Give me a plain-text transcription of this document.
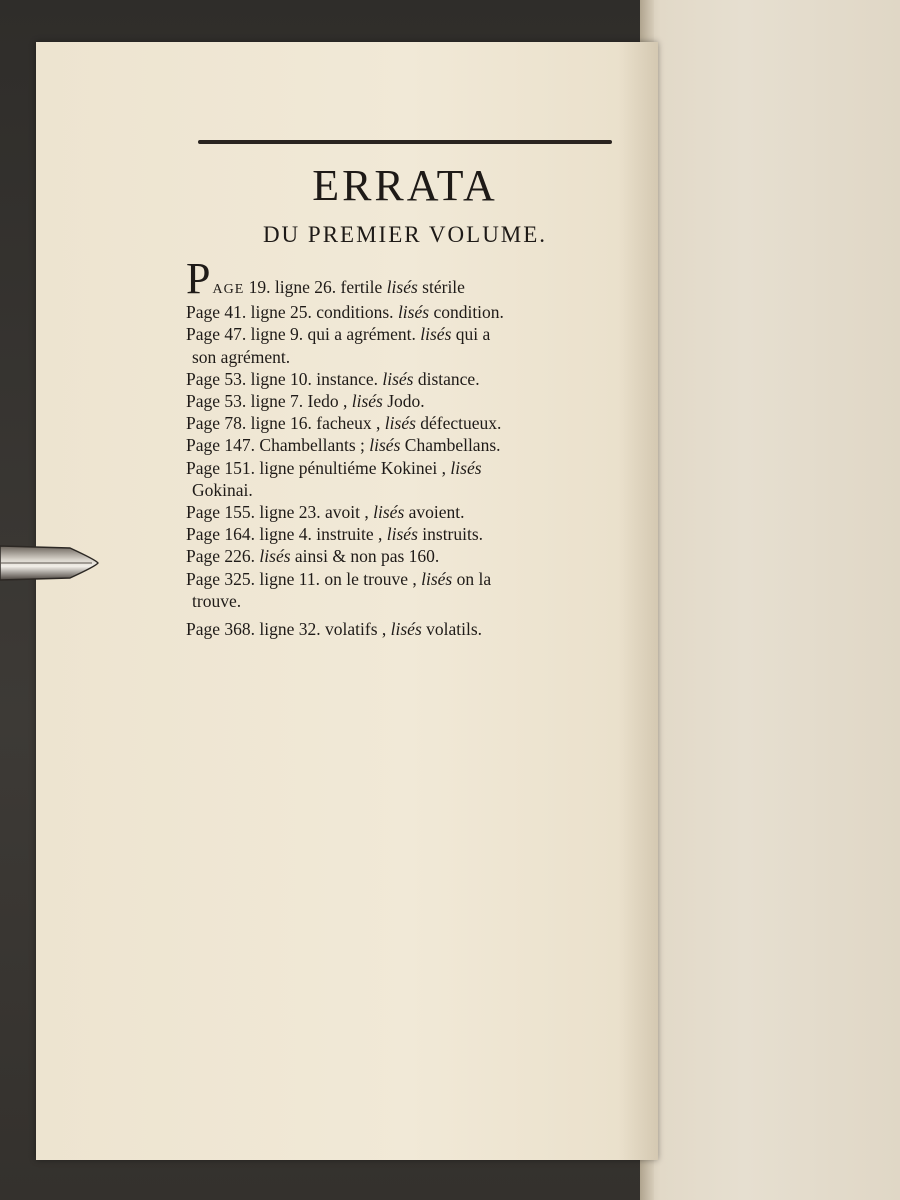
ERRATA
DU PREMIER VOLUME.
PAGE 19. ligne 26. fertile lisés stérile
Page 41. ligne 25. conditions. lisés condition.
Page 47. ligne 9. qui a agrément. lisés qui a
son agrément.
Page 53. ligne 10. instance. lisés distance.
Page 53. ligne 7. Iedo , lisés Jodo.
Page 78. ligne 16. facheux , lisés défectueux.
Page 147. Chambellants ; lisés Chambellans.
Page 151. ligne pénultiéme Kokinei , lisés
Gokinai.
Page 155. ligne 23. avoit , lisés avoient.
Page 164. ligne 4. instruite , lisés instruits.
Page 226. lisés ainsi & non pas 160.
Page 325. ligne 11. on le trouve , lisés on la
trouve.
Page 368. ligne 32. volatifs , lisés volatils.
